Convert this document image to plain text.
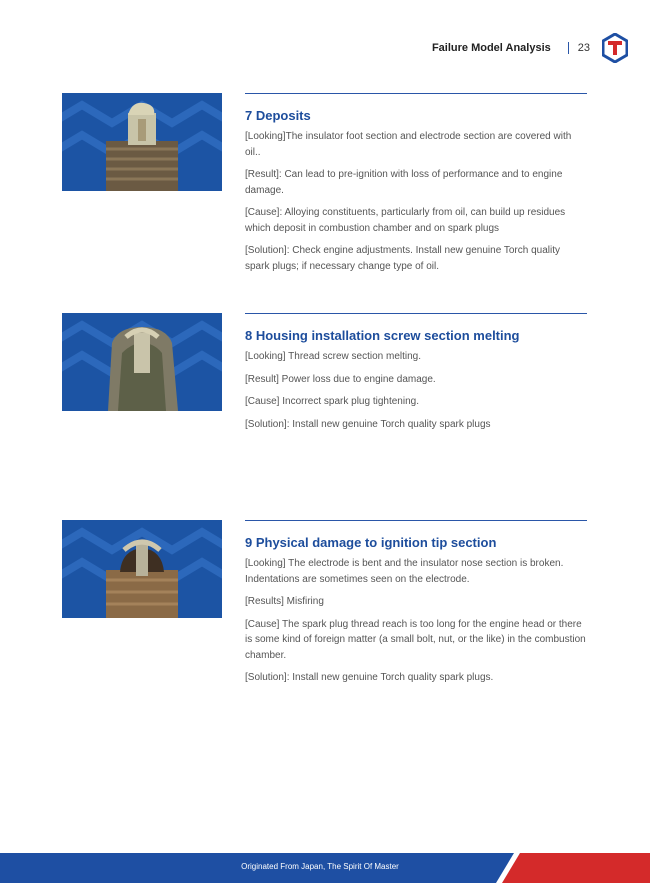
Failure Model Analysis 23
7 Deposits

[Looking]The insulator foot section and electrode section are covered with oil..

[Result]: Can lead to pre-ignition with loss of performance and to engine damage.

[Cause]: Alloying constituents, particularly from oil, can build up residues which deposit in combustion chamber and on spark plugs

[Solution]: Check engine adjustments. Install new genuine Torch quality spark plugs; if necessary change type of oil.

8 Housing installation screw section melting

[Looking] Thread screw section melting.

[Result] Power loss due to engine damage.

[Cause] Incorrect spark plug tightening.

[Solution]: Install new genuine Torch quality spark plugs

9 Physical damage to ignition tip section

[Looking] The electrode is bent and the insulator nose section is broken. Indentations are sometimes seen on the electrode.

[Results] Misfiring

[Cause] The spark plug thread reach is too long for the engine head or there is some kind of foreign matter (a small bolt, nut, or the like) in the combustion chamber.

[Solution]: Install new genuine Torch quality spark plugs.

Originated From Japan, The Spirit Of Master
